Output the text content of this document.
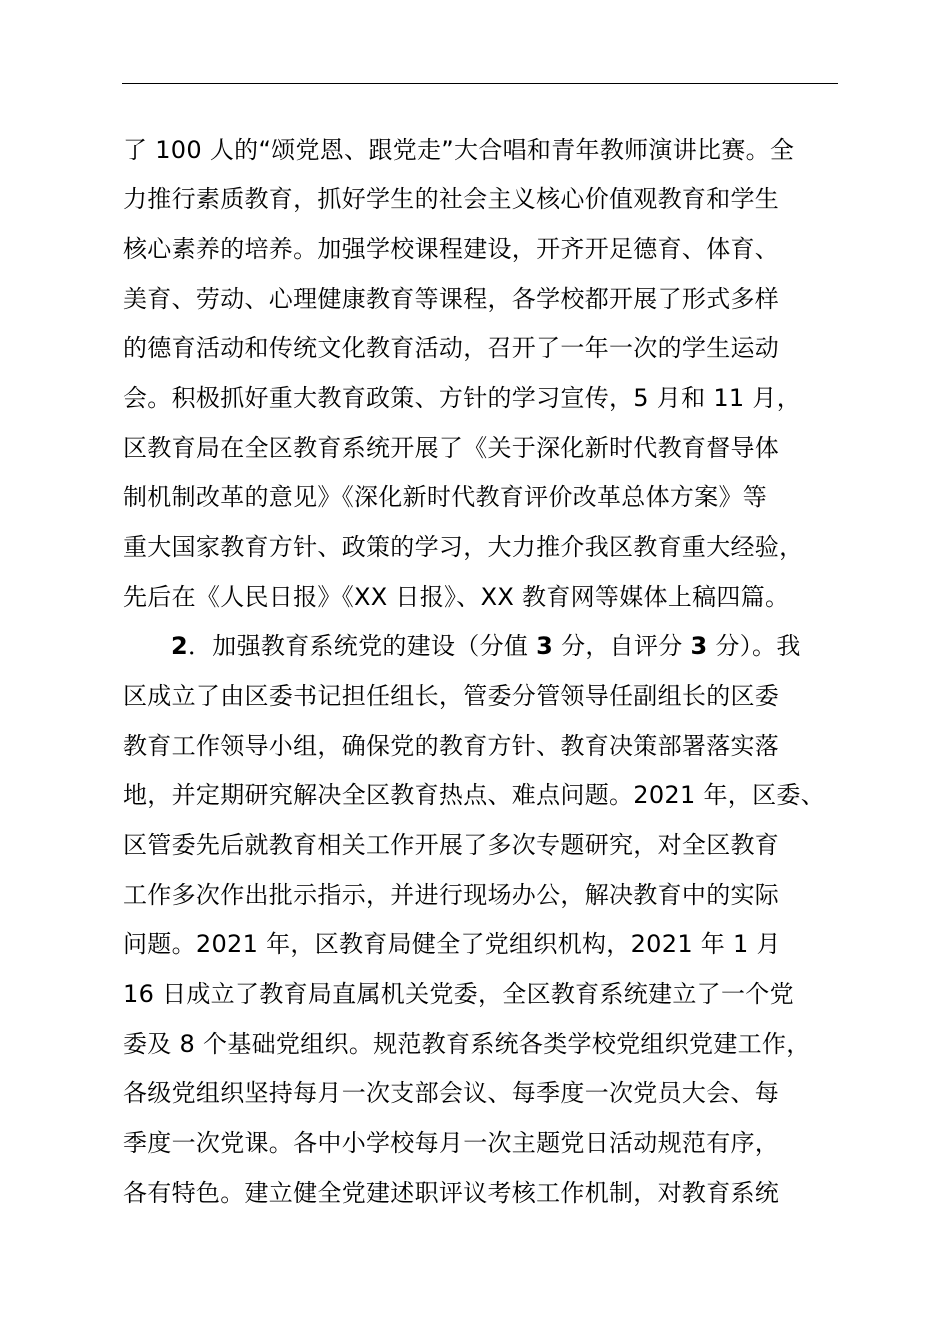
了 100 人的“颂党恩、跟党走”大合唱和青年教师演讲比赛。全
力推行素质教育，抓好学生的社会主义核心价值观教育和学生
核心素养的培养。加强学校课程建设，开齐开足德育、体育、
美育、劳动、心理健康教育等课程，各学校都开展了形式多样
的德育活动和传统文化教育活动，召开了一年一次的学生运动
会。积极抓好重大教育政策、方针的学习宣传，5 月和 11 月，
区教育局在全区教育系统开展了《关于深化新时代教育督导体
制机制改革的意见》《深化新时代教育评价改革总体方案》等
重大国家教育方针、政策的学习，大力推介我区教育重大经验，
先后在《人民日报》《XX 日报》、XX 教育网等媒体上稿四篇。
2．加强教育系统党的建设（分值 3 分，自评分 3 分）。我
区成立了由区委书记担任组长，管委分管领导任副组长的区委
教育工作领导小组，确保党的教育方针、教育决策部署落实落
地，并定期研究解决全区教育热点、难点问题。2021 年，区委、
区管委先后就教育相关工作开展了多次专题研究，对全区教育
工作多次作出批示指示，并进行现场办公，解决教育中的实际
问题。2021 年，区教育局健全了党组织机构，2021 年 1 月
16 日成立了教育局直属机关党委，全区教育系统建立了一个党
委及 8 个基础党组织。规范教育系统各类学校党组织党建工作，
各级党组织坚持每月一次支部会议、每季度一次党员大会、每
季度一次党课。各中小学校每月一次主题党日活动规范有序，
各有特色。建立健全党建述职评议考核工作机制，对教育系统
